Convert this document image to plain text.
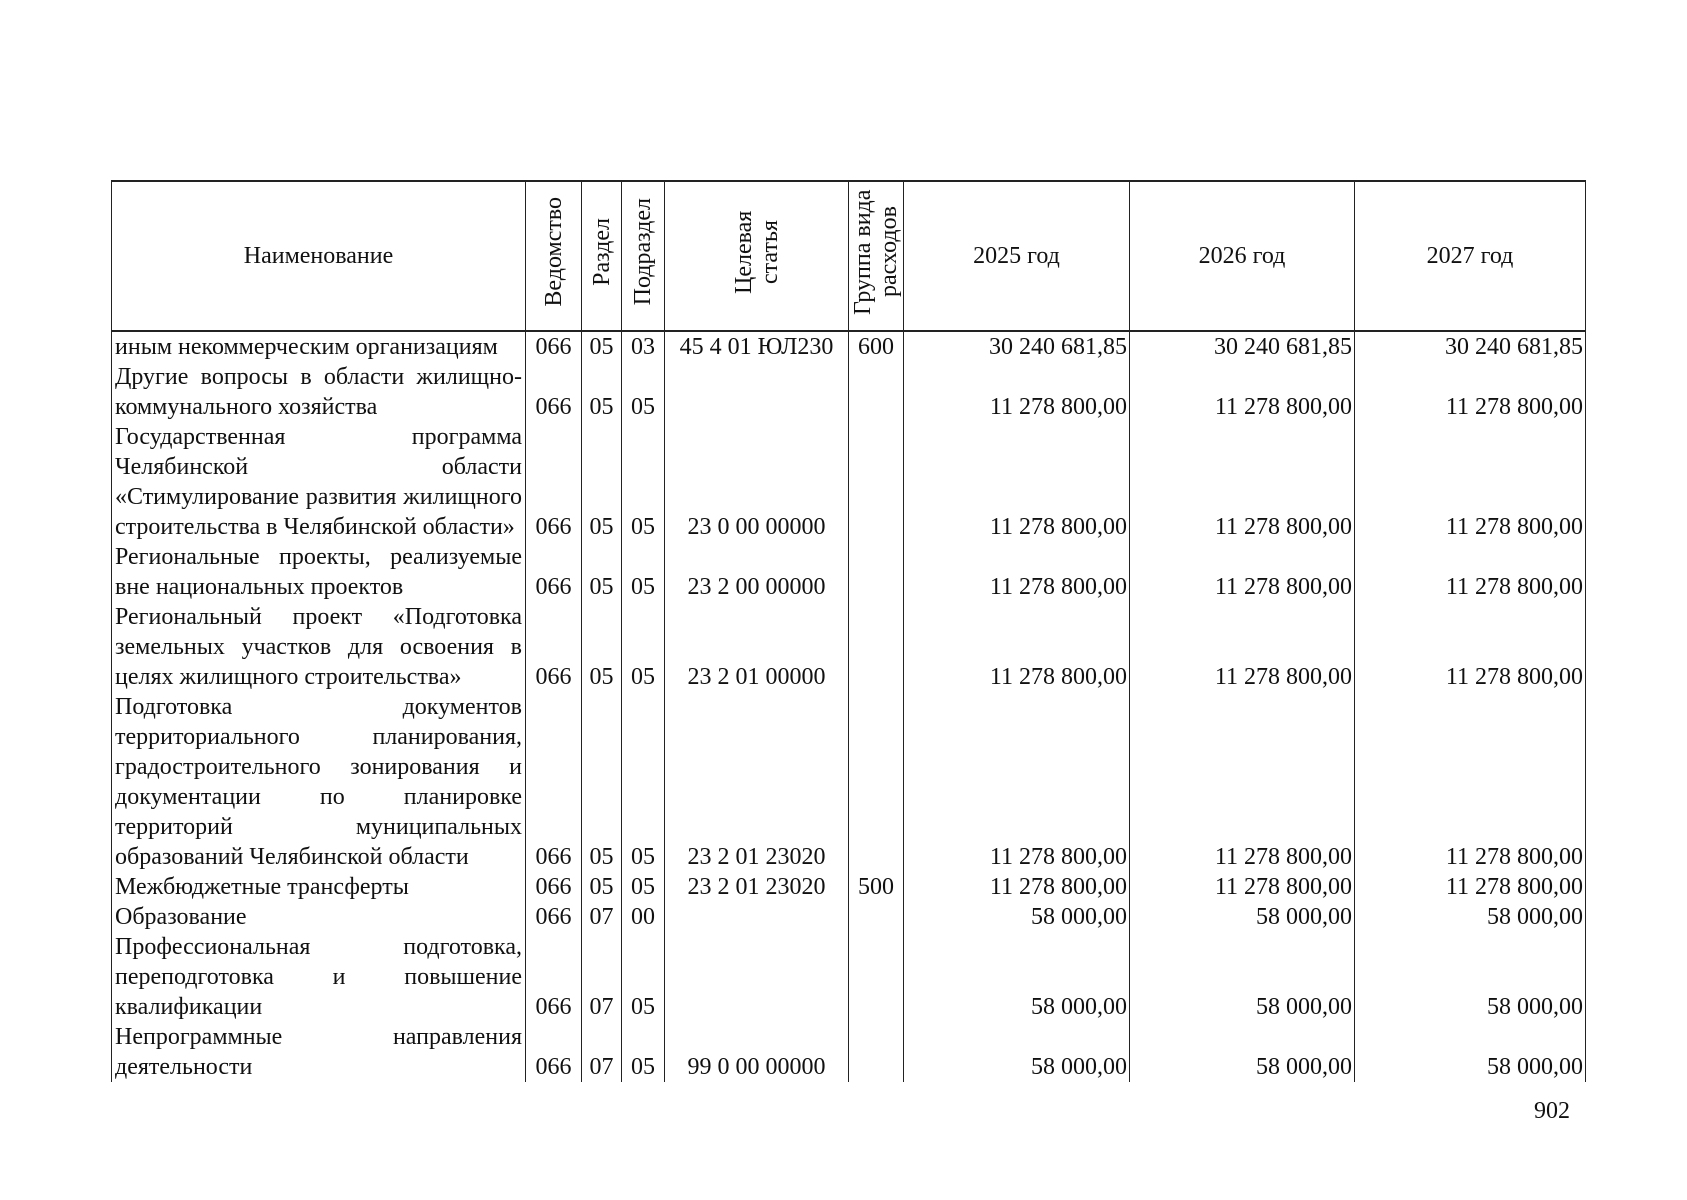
Наименование	Ведомство	Раздел	Подраздел	Целевая статья	Группа вида расходов	2025 год	2026 год	2027 год
иным некоммерческим организациям	066	05	03	45 4 01 ЮЛ230	600	30 240 681,85	30 240 681,85	30 240 681,85
Другие вопросы в области жилищно-коммунального хозяйства	066	05	05			11 278 800,00	11 278 800,00	11 278 800,00
Государственная программа Челябинской области «Стимулирование развития жилищного строительства в Челябинской области»	066	05	05	23 0 00 00000		11 278 800,00	11 278 800,00	11 278 800,00
Региональные проекты, реализуемые вне национальных проектов	066	05	05	23 2 00 00000		11 278 800,00	11 278 800,00	11 278 800,00
Региональный проект «Подготовка земельных участков для освоения в целях жилищного строительства»	066	05	05	23 2 01 00000		11 278 800,00	11 278 800,00	11 278 800,00
Подготовка документов территориального планирования, градостроительного зонирования и документации по планировке территорий муниципальных образований Челябинской области	066	05	05	23 2 01 23020		11 278 800,00	11 278 800,00	11 278 800,00
Межбюджетные трансферты	066	05	05	23 2 01 23020	500	11 278 800,00	11 278 800,00	11 278 800,00
Образование	066	07	00			58 000,00	58 000,00	58 000,00
Профессиональная подготовка, переподготовка и повышение квалификации	066	07	05			58 000,00	58 000,00	58 000,00
Непрограммные направления деятельности	066	07	05	99 0 00 00000		58 000,00	58 000,00	58 000,00
902
